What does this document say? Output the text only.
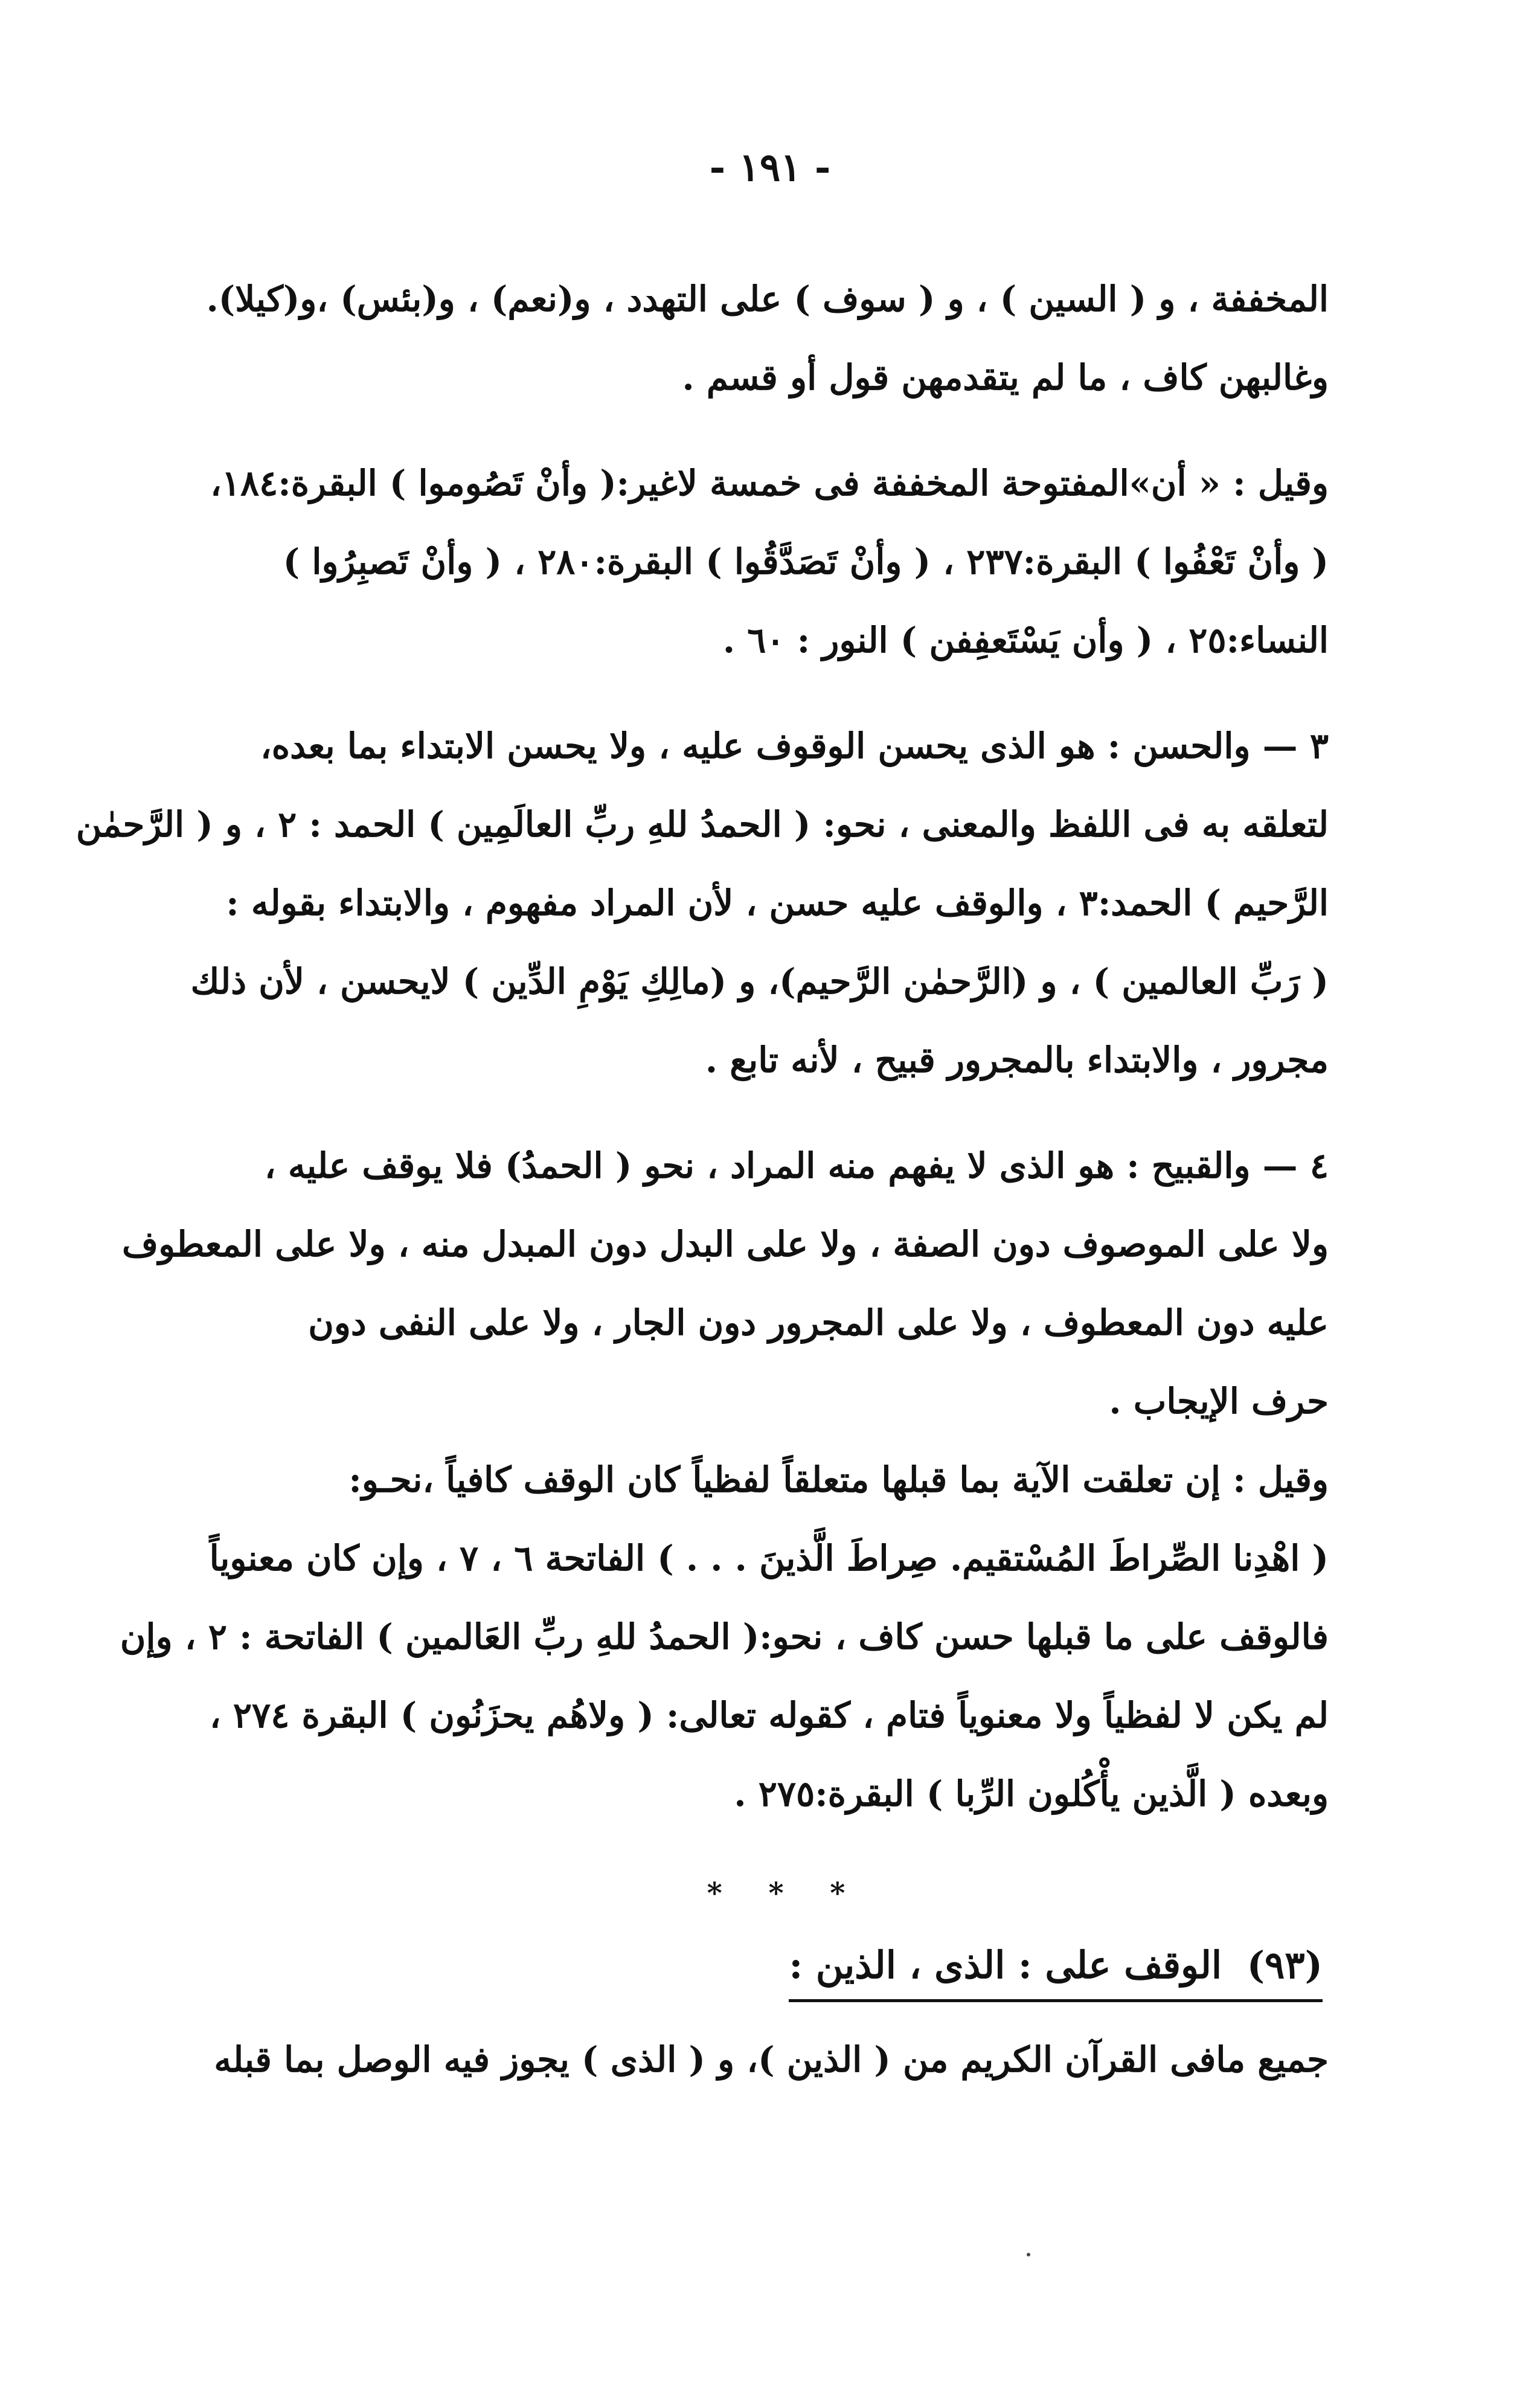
- ١٩١ -

المخففة ، و ( السين ) ، و ( سوف ) على التهدد ، و(نعم) ، و(بئس) ،و(كيلا).
وغالبهن كاف ، ما لم يتقدمهن قول أو قسم .

وقيل : « أن»المفتوحة المخففة فى خمسة لاغير:( وأنْ تَصُوموا ) البقرة:١٨٤،
( وأنْ تَعْفُوا ) البقرة:٢٣٧ ، ( وأنْ تَصَدَّقُوا ) البقرة:٢٨٠ ، ( وأنْ تَصبِرُوا )
النساء:٢٥ ، ( وأن يَسْتَعفِفن ) النور : ٦٠ .

٣ — والحسن : هو الذى يحسن الوقوف عليه ، ولا يحسن الابتداء بما بعده،
لتعلقه به فى اللفظ والمعنى ، نحو: ( الحمدُ للهِ ربِّ العالَمِين ) الحمد : ٢ ، و ( الرَّحمٰن
الرَّحيم ) الحمد:٣ ، والوقف عليه حسن ، لأن المراد مفهوم ، والابتداء بقوله :
( رَبِّ العالمين ) ، و (الرَّحمٰن الرَّحيم)، و (مالِكِ يَوْمِ الدِّين ) لايحسن ، لأن ذلك
مجرور ، والابتداء بالمجرور قبيح ، لأنه تابع .

٤ — والقبيح : هو الذى لا يفهم منه المراد ، نحو ( الحمدُ) فلا يوقف عليه ،
ولا على الموصوف دون الصفة ، ولا على البدل دون المبدل منه ، ولا على المعطوف
عليه دون المعطوف ، ولا على المجرور دون الجار ، ولا على النفى دون
حرف الإيجاب .

وقيل : إن تعلقت الآية بما قبلها متعلقاً لفظياً كان الوقف كافياً ،نحـو:
( اهْدِنا الصِّراطَ المُسْتقيم. صِراطَ الَّذينَ . . . ) الفاتحة ٦ ، ٧ ، وإن كان معنوياً
فالوقف على ما قبلها حسن كاف ، نحو:( الحمدُ للهِ ربِّ العَالمين ) الفاتحة : ٢ ، وإن
لم يكن لا لفظياً ولا معنوياً فتام ، كقوله تعالى: ( ولاهُم يحزَنُون ) البقرة ٢٧٤ ،
وبعده ( الَّذين يأْكُلون الرِّبا ) البقرة:٢٧٥ .

* * *
(٩٣) الوقف على : الذى ، الذين :

جميع مافى القرآن الكريم من ( الذين )، و ( الذى ) يجوز فيه الوصل بما قبله
